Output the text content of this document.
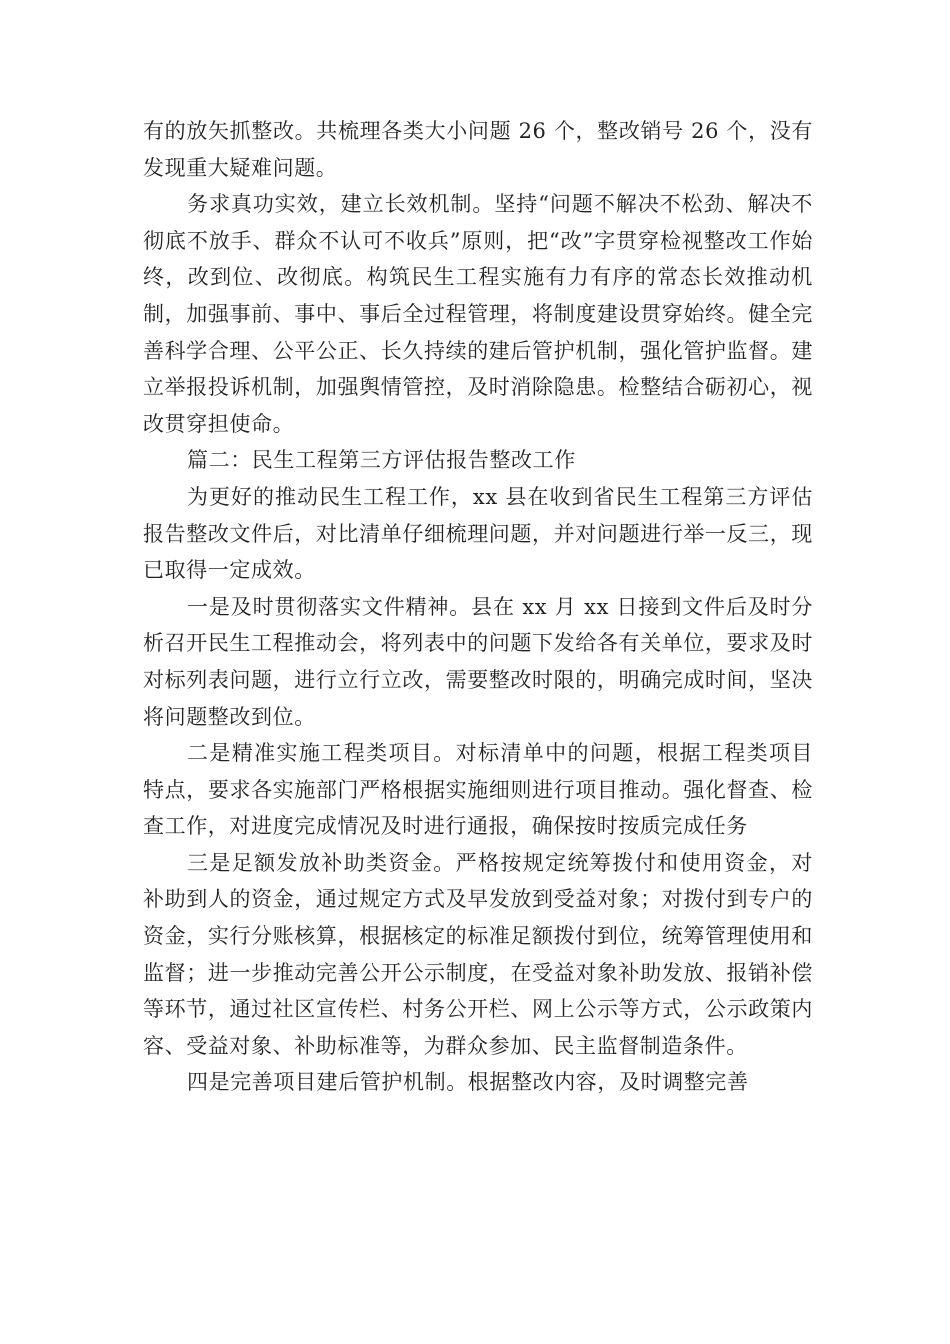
有的放矢抓整改。共梳理各类大小问题 26 个，整改销号 26 个，没有发现重大疑难问题。

务求真功实效，建立长效机制。坚持“问题不解决不松劲、解决不彻底不放手、群众不认可不收兵”原则，把“改”字贯穿检视整改工作始终，改到位、改彻底。构筑民生工程实施有力有序的常态长效推动机制，加强事前、事中、事后全过程管理，将制度建设贯穿始终。健全完善科学合理、公平公正、长久持续的建后管护机制，强化管护监督。建立举报投诉机制，加强舆情管控，及时消除隐患。检整结合砺初心，视改贯穿担使命。

篇二：民生工程第三方评估报告整改工作

为更好的推动民生工程工作，xx 县在收到省民生工程第三方评估报告整改文件后，对比清单仔细梳理问题，并对问题进行举一反三，现已取得一定成效。

一是及时贯彻落实文件精神。县在 xx 月 xx 日接到文件后及时分析召开民生工程推动会，将列表中的问题下发给各有关单位，要求及时对标列表问题，进行立行立改，需要整改时限的，明确完成时间，坚决将问题整改到位。

二是精准实施工程类项目。对标清单中的问题，根据工程类项目特点，要求各实施部门严格根据实施细则进行项目推动。强化督查、检查工作，对进度完成情况及时进行通报，确保按时按质完成任务

三是足额发放补助类资金。严格按规定统筹拨付和使用资金，对补助到人的资金，通过规定方式及早发放到受益对象；对拨付到专户的资金，实行分账核算，根据核定的标准足额拨付到位，统筹管理使用和监督；进一步推动完善公开公示制度，在受益对象补助发放、报销补偿等环节，通过社区宣传栏、村务公开栏、网上公示等方式，公示政策内容、受益对象、补助标准等，为群众参加、民主监督制造条件。

四是完善项目建后管护机制。根据整改内容，及时调整完善
